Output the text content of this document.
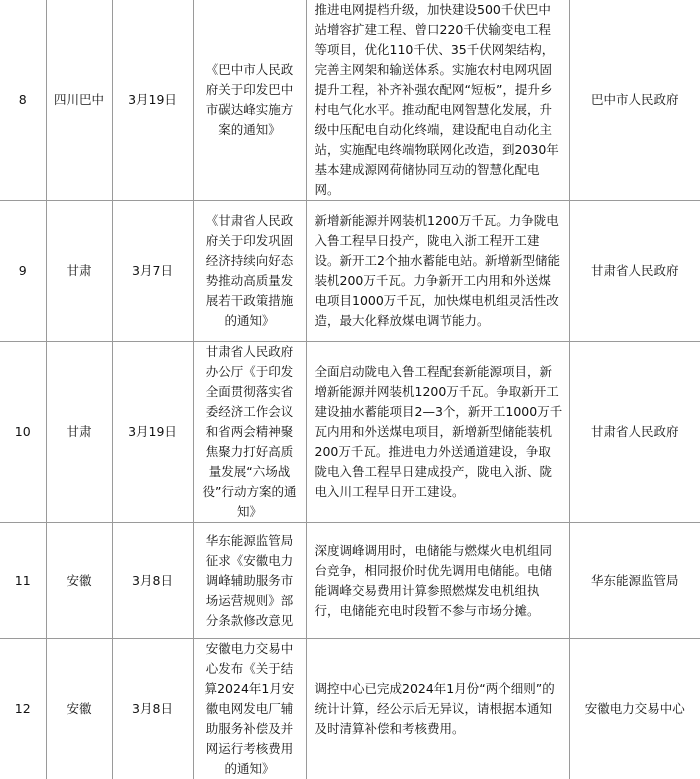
8	四川巴中	3月19日	《巴中市人民政府关于印发巴中市碳达峰实施方案的通知》	推进电网提档升级，加快建设500千伏巴中站增容扩建工程、曾口220千伏输变电工程等项目，优化110千伏、35千伏网架结构，完善主网架和输送体系。实施农村电网巩固提升工程，补齐补强农配网“短板”，提升乡村电气化水平。推动配电网智慧化发展，升级中压配电自动化终端，建设配电自动化主站，实施配电终端物联网化改造，到2030年基本建成源网荷储协同互动的智慧化配电网。	巴中市人民政府
9	甘肃	3月7日	《甘肃省人民政府关于印发巩固经济持续向好态势推动高质量发展若干政策措施的通知》	新增新能源并网装机1200万千瓦。力争陇电入鲁工程早日投产，陇电入浙工程开工建设。新开工2个抽水蓄能电站。新增新型储能装机200万千瓦。力争新开工内用和外送煤电项目1000万千瓦，加快煤电机组灵活性改造，最大化释放煤电调节能力。	甘肃省人民政府
10	甘肃	3月19日	甘肃省人民政府办公厅《于印发全面贯彻落实省委经济工作会议和省两会精神聚焦聚力打好高质量发展“六场战役”行动方案的通知》	全面启动陇电入鲁工程配套新能源项目，新增新能源并网装机1200万千瓦。争取新开工建设抽水蓄能项目2—3个，新开工1000万千瓦内用和外送煤电项目，新增新型储能装机200万千瓦。推进电力外送通道建设，争取陇电入鲁工程早日建成投产，陇电入浙、陇电入川工程早日开工建设。	甘肃省人民政府
11	安徽	3月8日	华东能源监管局征求《安徽电力调峰辅助服务市场运营规则》部分条款修改意见	深度调峰调用时，电储能与燃煤火电机组同台竞争，相同报价时优先调用电储能。电储能调峰交易费用计算参照燃煤发电机组执行，电储能充电时段暂不参与市场分摊。	华东能源监管局
12	安徽	3月8日	安徽电力交易中心发布《关于结算2024年1月安徽电网发电厂辅助服务补偿及并网运行考核费用的通知》	调控中心已完成2024年1月份“两个细则”的统计计算，经公示后无异议，请根据本通知及时清算补偿和考核费用。	安徽电力交易中心
